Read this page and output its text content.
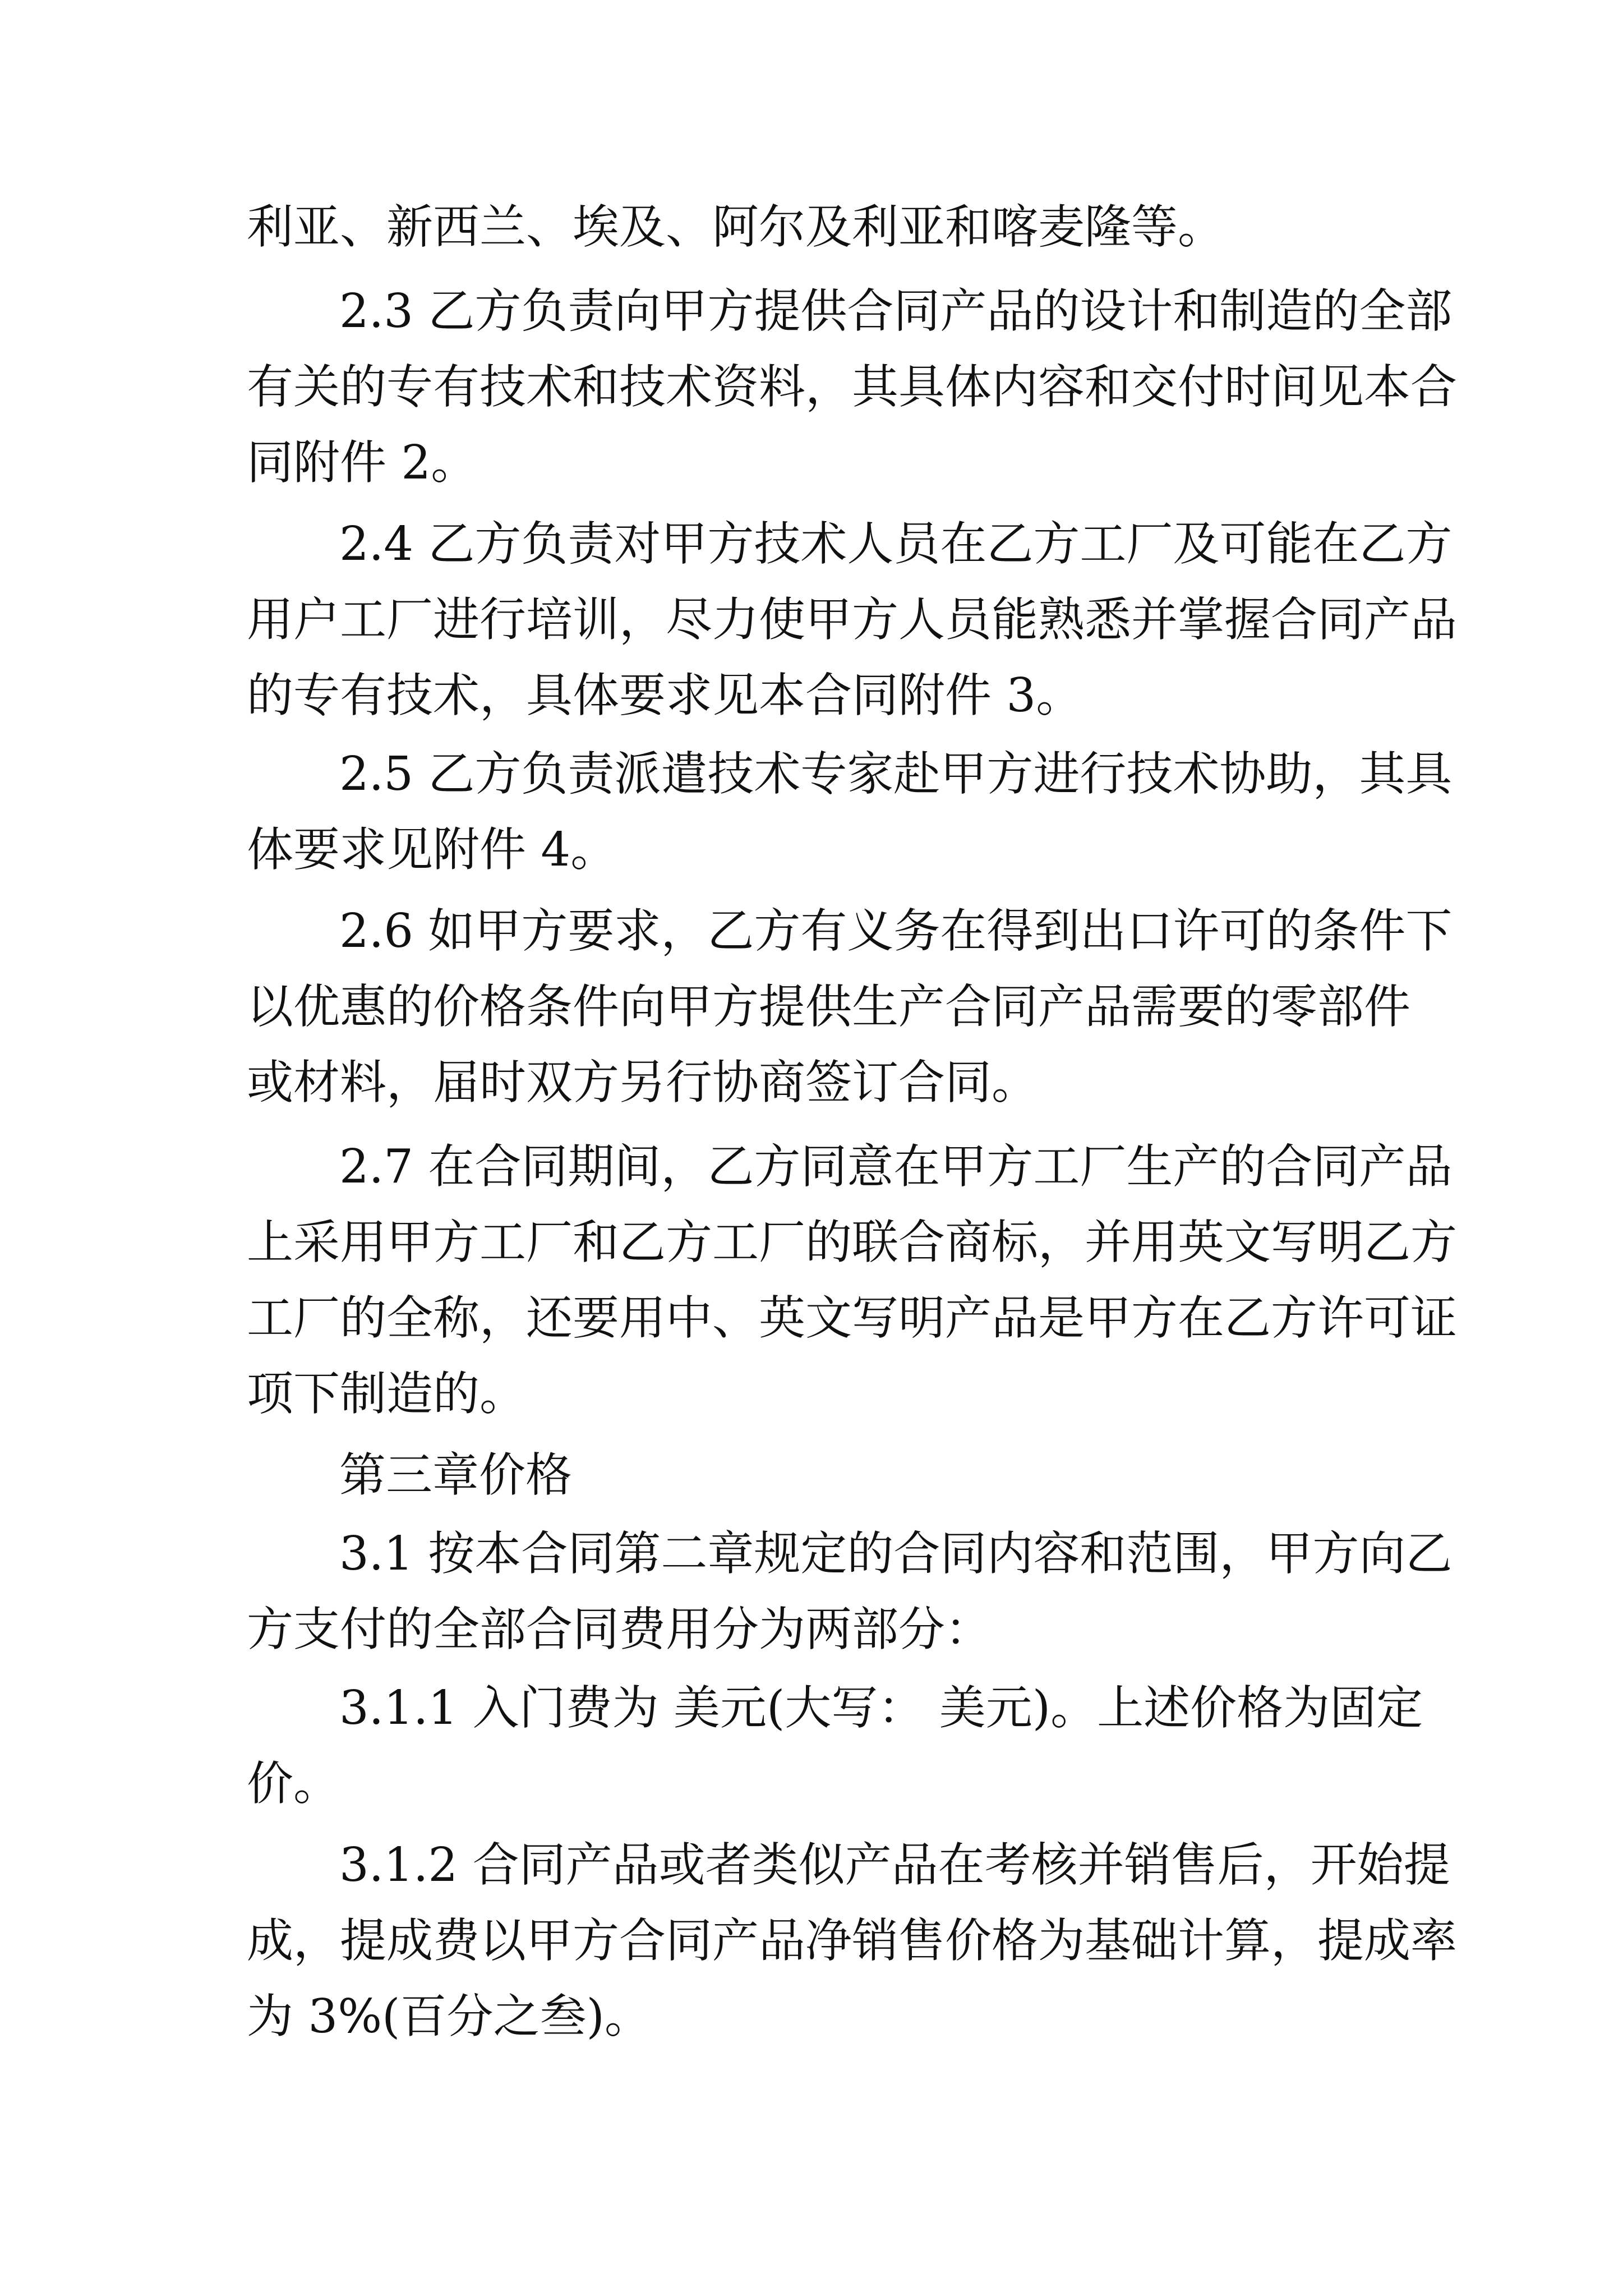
利亚、新西兰、埃及、阿尔及利亚和喀麦隆等。
2.3 乙方负责向甲方提供合同产品的设计和制造的全部
有关的专有技术和技术资料，其具体内容和交付时间见本合
同附件 2。
2.4 乙方负责对甲方技术人员在乙方工厂及可能在乙方
用户工厂进行培训，尽力使甲方人员能熟悉并掌握合同产品
的专有技术，具体要求见本合同附件 3。
2.5 乙方负责派遣技术专家赴甲方进行技术协助，其具
体要求见附件 4。
2.6 如甲方要求，乙方有义务在得到出口许可的条件下
以优惠的价格条件向甲方提供生产合同产品需要的零部件
或材料，届时双方另行协商签订合同。
2.7 在合同期间，乙方同意在甲方工厂生产的合同产品
上采用甲方工厂和乙方工厂的联合商标，并用英文写明乙方
工厂的全称，还要用中、英文写明产品是甲方在乙方许可证
项下制造的。
第三章价格
3.1 按本合同第二章规定的合同内容和范围，甲方向乙
方支付的全部合同费用分为两部分：
3.1.1 入门费为 美元(大写： 美元)。上述价格为固定
价。
3.1.2 合同产品或者类似产品在考核并销售后，开始提
成，提成费以甲方合同产品净销售价格为基础计算，提成率
为 3%(百分之叁)。
